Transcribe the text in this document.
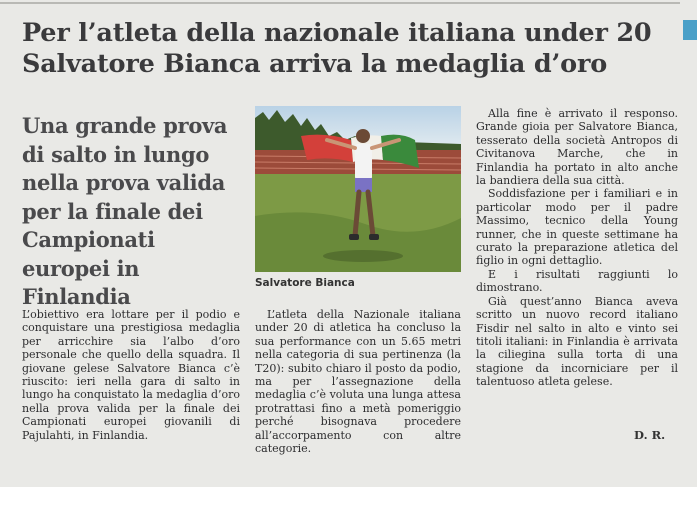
Per l’atleta della nazionale italiana under 20 Salvatore Bianca arriva la medaglia d’oro
Una grande prova di salto in lungo nella prova valida per la finale dei Campionati europei in Finlandia
Salvatore Bianca

L’obiettivo era lottare per il podio e conquistare una prestigiosa medaglia per arricchire sia l’albo d’oro personale che quello della squadra. Il giovane gelese Salvatore Bianca c’è riuscito: ieri nella gara di salto in lungo ha conquistato la medaglia d’oro nella prova valida per la finale dei Campionati europei giovanili di Pajulahti, in Finlandia.

L’atleta della Nazionale italiana under 20 di atletica ha concluso la sua performance con un 5.65 metri nella categoria di sua pertinenza (la T20): subito chiaro il posto da podio, ma per l’assegnazione della medaglia c’è voluta una lunga attesa protrattasi fino a metà pomeriggio perché bisognava procedere all’accorpamento con altre categorie.

Alla fine è arrivato il responso. Grande gioia per Salvatore Bianca, tesserato della società Antropos di Civitanova Marche, che in Finlandia ha portato in alto anche la bandiera della sua città.

Soddisfazione per i familiari e in particolar modo per il padre Massimo, tecnico della Young runner, che in queste settimane ha curato la preparazione atletica del figlio in ogni dettaglio.

E i risultati raggiunti lo dimostrano.

Già quest’anno Bianca aveva scritto un nuovo record italiano Fisdir nel salto in alto e vinto sei titoli italiani: in Finlandia è arrivata la ciliegina sulla torta di una stagione da incorniciare per il talentuoso atleta gelese.

D. R.
